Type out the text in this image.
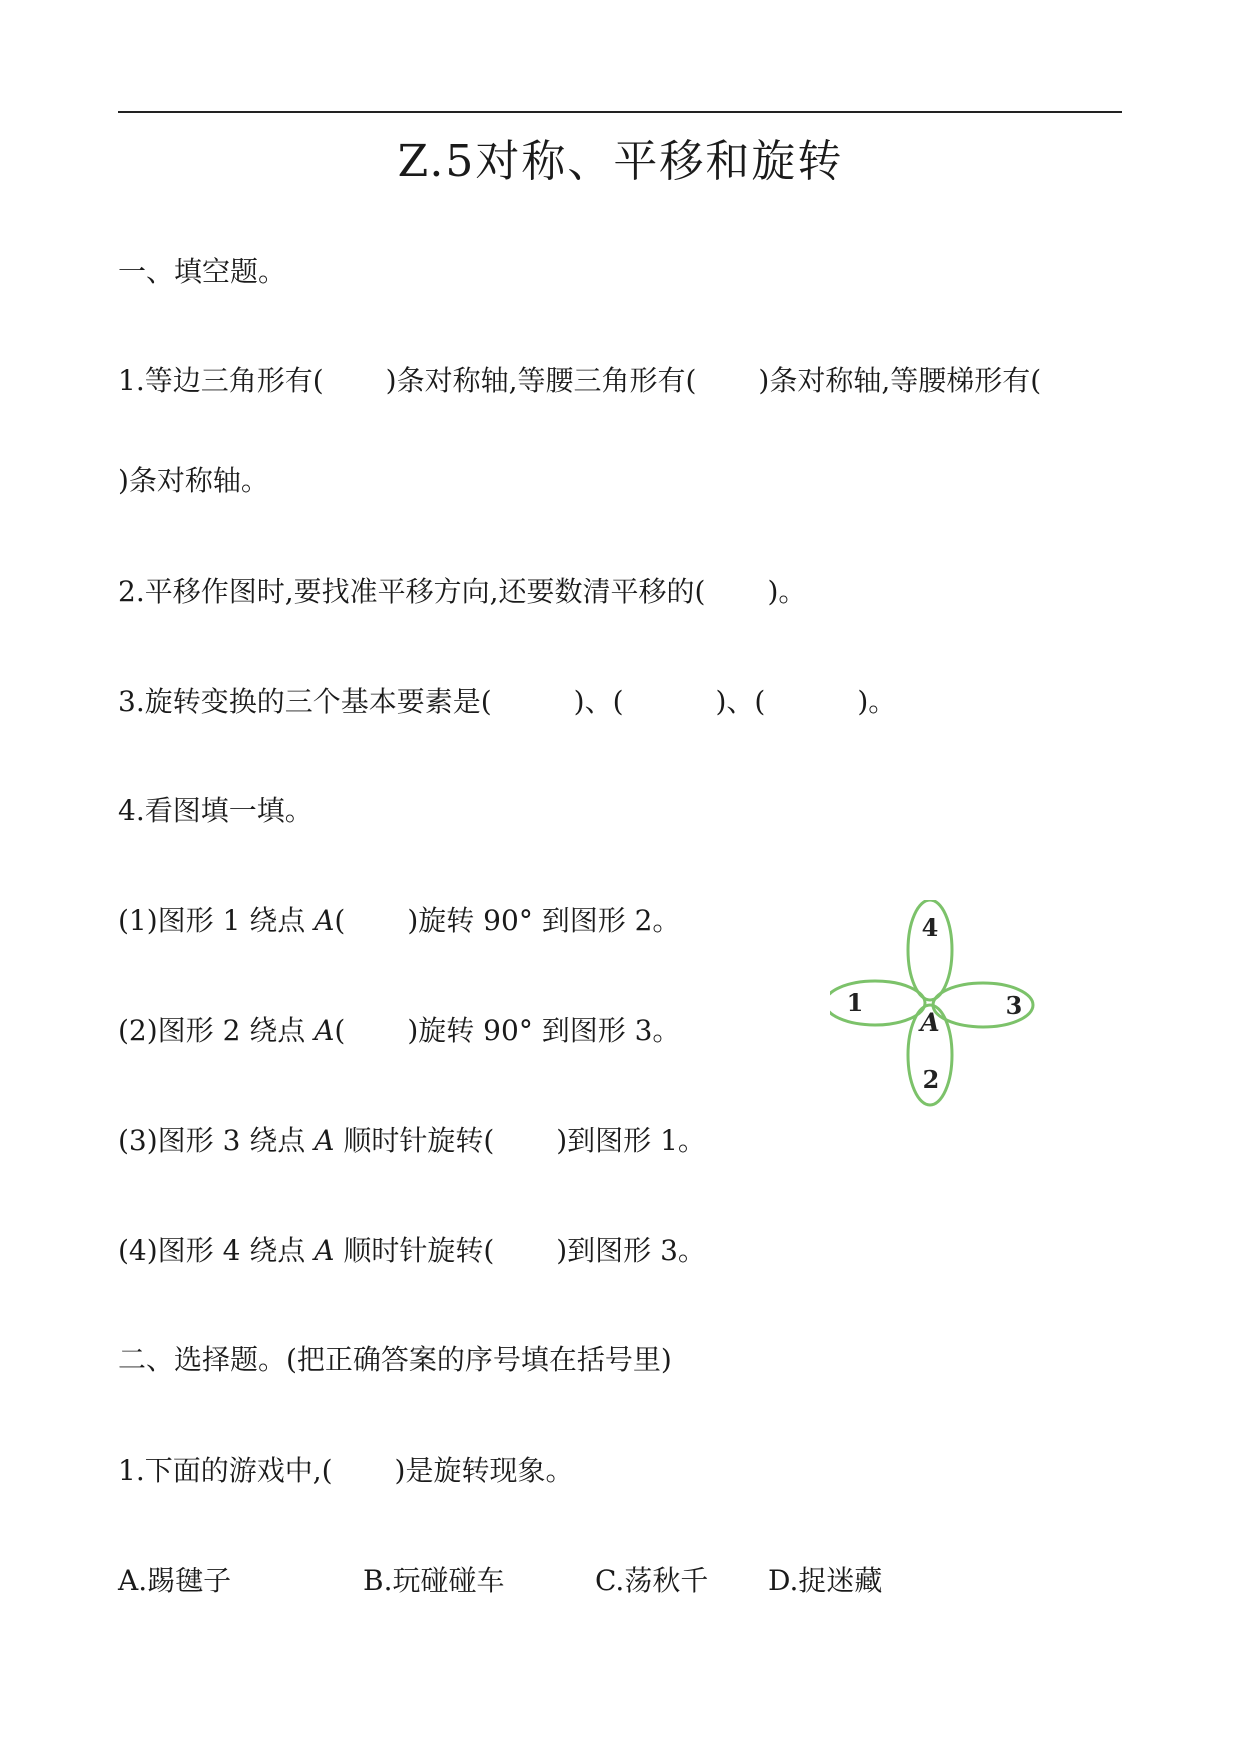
Z.5对称、平移和旋转
一、填空题。
1.等边三角形有( )条对称轴,等腰三角形有( )条对称轴,等腰梯形有(
)条对称轴。
2.平移作图时,要找准平移方向,还要数清平移的( )。
3.旋转变换的三个基本要素是(	)、(	)、(	)。
4.看图填一填。
(1)图形 1 绕点 A( )旋转 90° 到图形 2。
(2)图形 2 绕点 A( )旋转 90° 到图形 3。
(3)图形 3 绕点 A 顺时针旋转( )到图形 1。
(4)图形 4 绕点 A 顺时针旋转( )到图形 3。
二、选择题。(把正确答案的序号填在括号里)
1.下面的游戏中,( )是旋转现象。
A.踢毽子	B.玩碰碰车	C.荡秋千 D.捉迷藏
1
2
3
4
A
